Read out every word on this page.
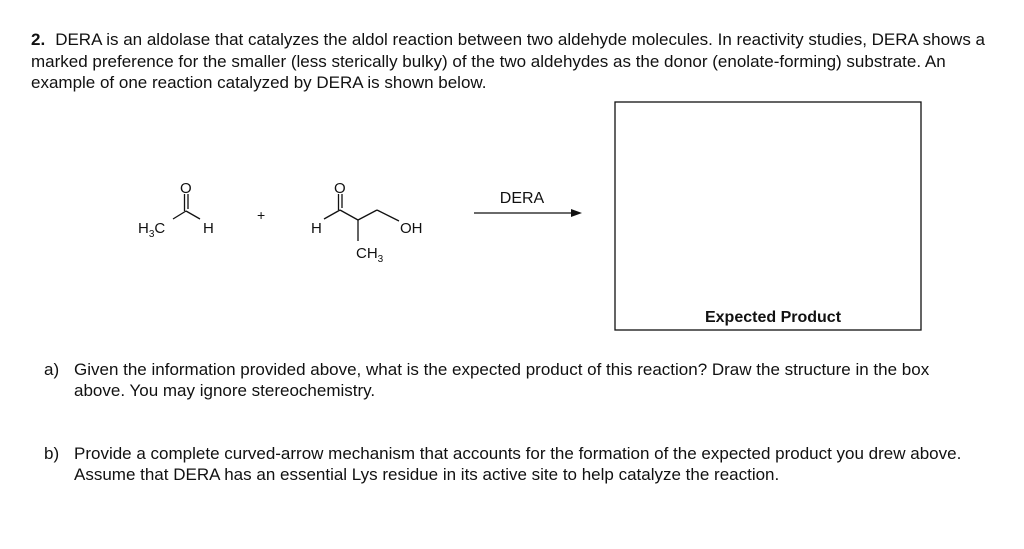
2. DERA is an aldolase that catalyzes the aldol reaction between two aldehyde molecules. In reactivity studies, DERA shows a marked preference for the smaller (less sterically bulky) of the two aldehydes as the donor (enolate-forming) substrate. An example of one reaction catalyzed by DERA is shown below.
O
$H_3C$	H
+
O
H	OH
$CH_3$
DERA
Expected Product
a) Given the information provided above, what is the expected product of this reaction? Draw the structure in the box above. You may ignore stereochemistry.
b) Provide a complete curved-arrow mechanism that accounts for the formation of the expected product you drew above. Assume that DERA has an essential Lys residue in its active site to help catalyze the reaction.
